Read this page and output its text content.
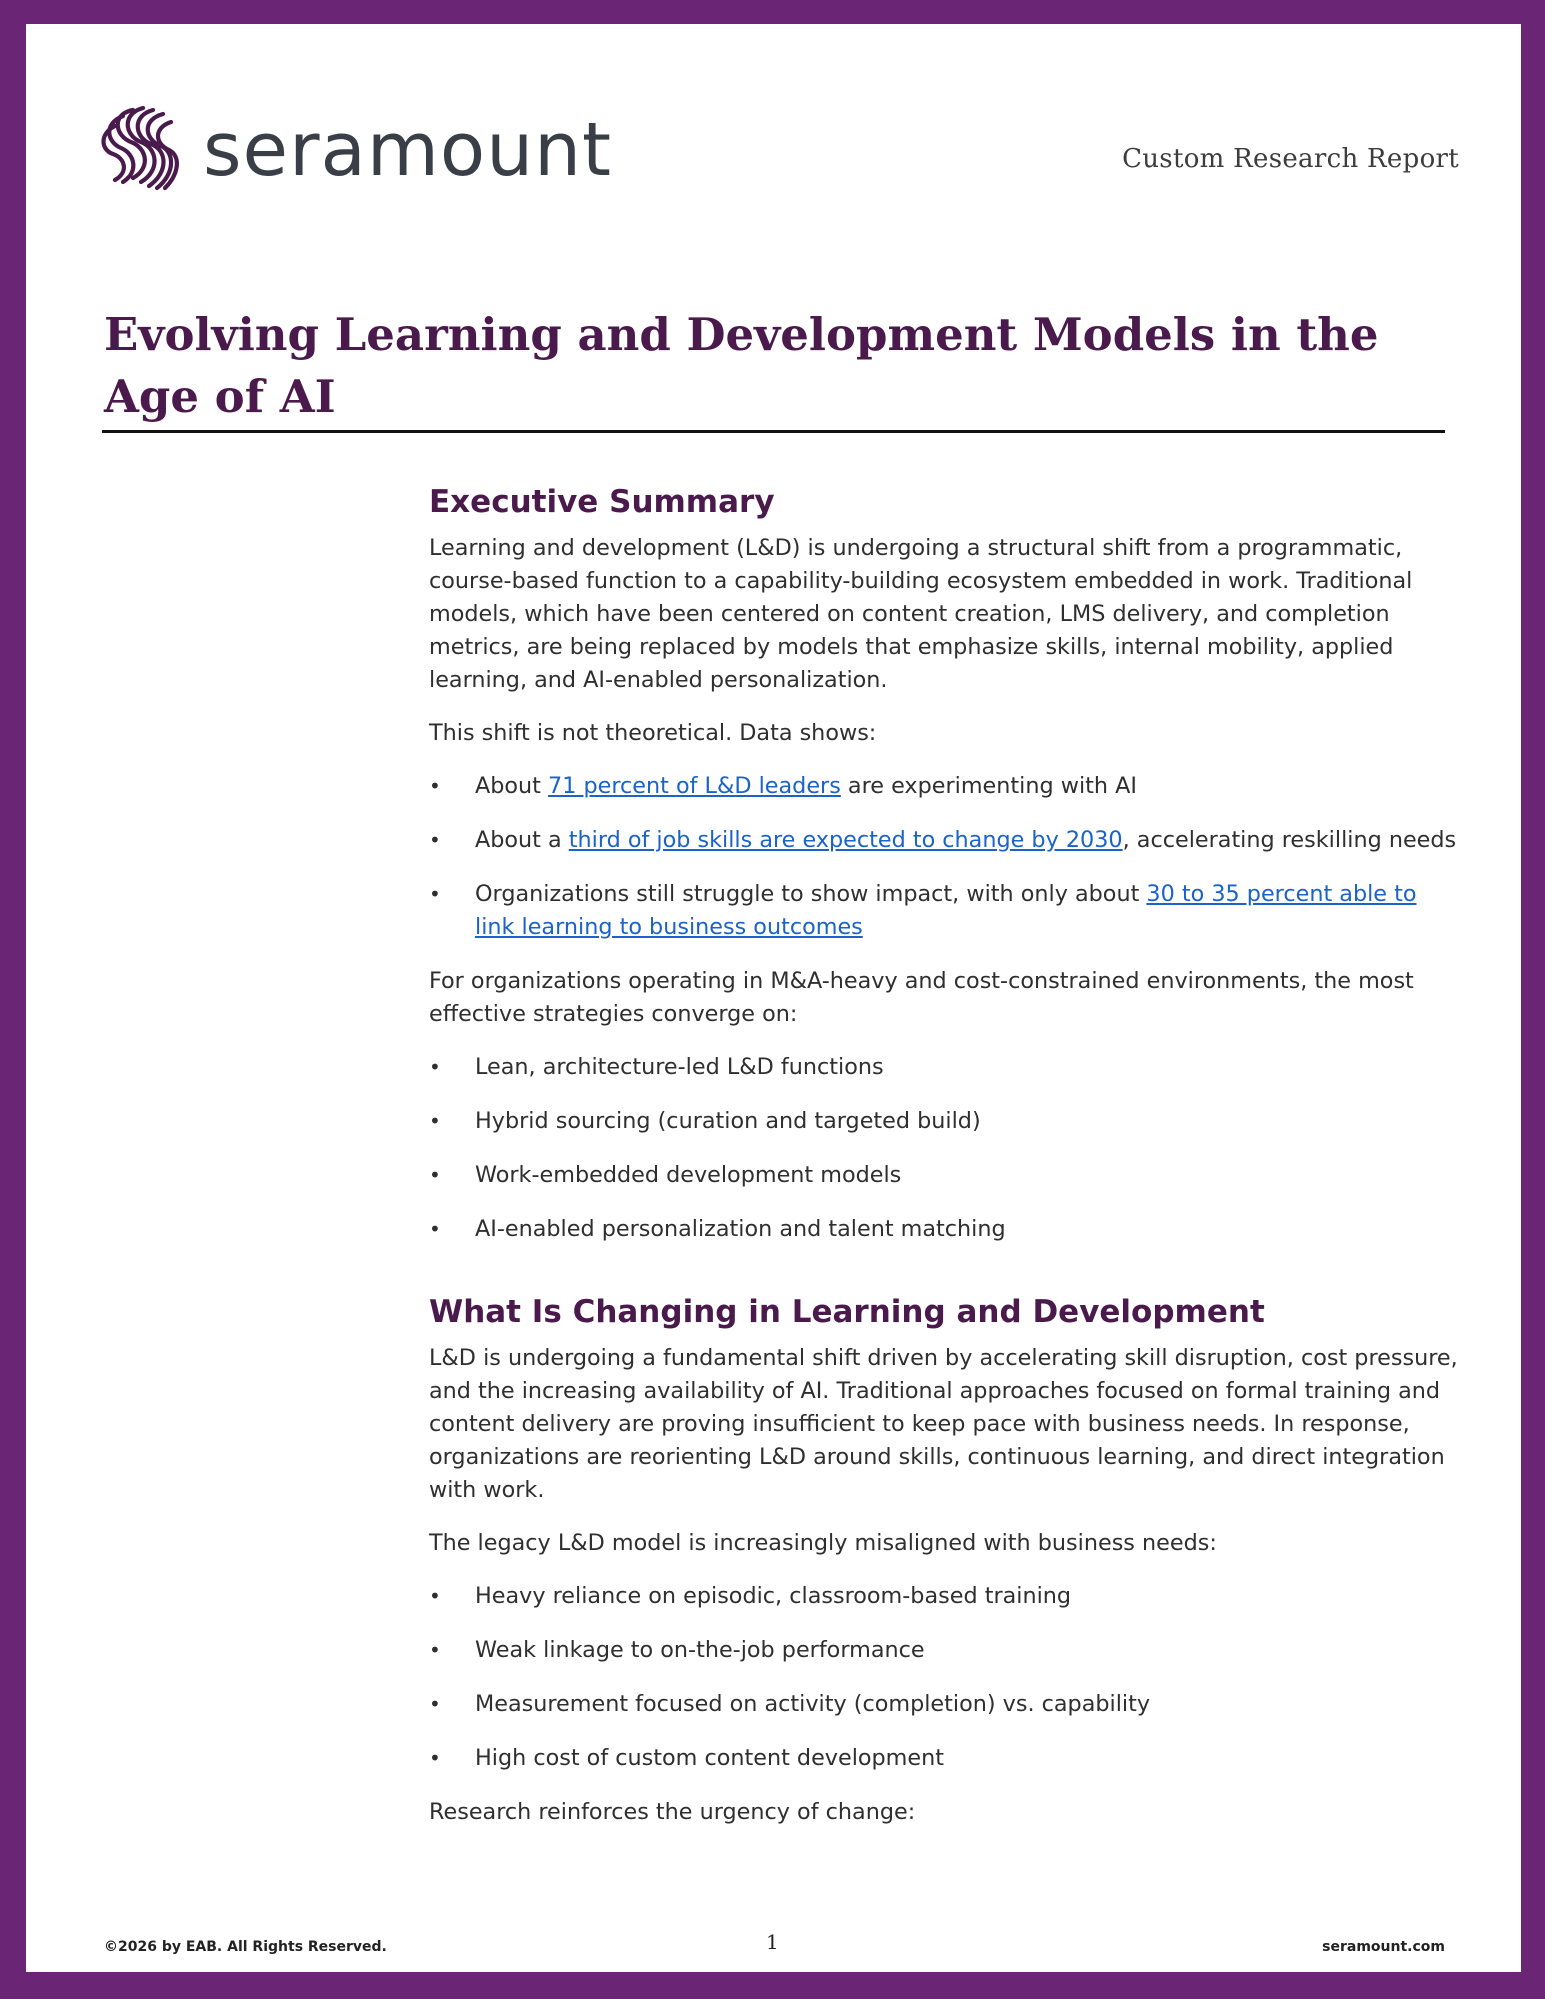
seramount	Custom Research Report
Evolving Learning and Development Models in the Age of AI
Executive Summary

Learning and development (L&D) is undergoing a structural shift from a programmatic, course-based function to a capability-building ecosystem embedded in work. Traditional models, which have been centered on content creation, LMS delivery, and completion metrics, are being replaced by models that emphasize skills, internal mobility, applied learning, and AI-enabled personalization.

This shift is not theoretical. Data shows:

•	About 71 percent of L&D leaders are experimenting with AI
•	About a third of job skills are expected to change by 2030, accelerating reskilling needs
•	Organizations still struggle to show impact, with only about 30 to 35 percent able to link learning to business outcomes

For organizations operating in M&A-heavy and cost-constrained environments, the most effective strategies converge on:

•	Lean, architecture-led L&D functions
•	Hybrid sourcing (curation and targeted build)
•	Work-embedded development models
•	AI-enabled personalization and talent matching
What Is Changing in Learning and Development

L&D is undergoing a fundamental shift driven by accelerating skill disruption, cost pressure, and the increasing availability of AI. Traditional approaches focused on formal training and content delivery are proving insufficient to keep pace with business needs. In response, organizations are reorienting L&D around skills, continuous learning, and direct integration with work.

The legacy L&D model is increasingly misaligned with business needs:

•	Heavy reliance on episodic, classroom-based training
•	Weak linkage to on-the-job performance
•	Measurement focused on activity (completion) vs. capability
•	High cost of custom content development

Research reinforces the urgency of change:

©2026 by EAB. All Rights Reserved.	1	seramount.com
